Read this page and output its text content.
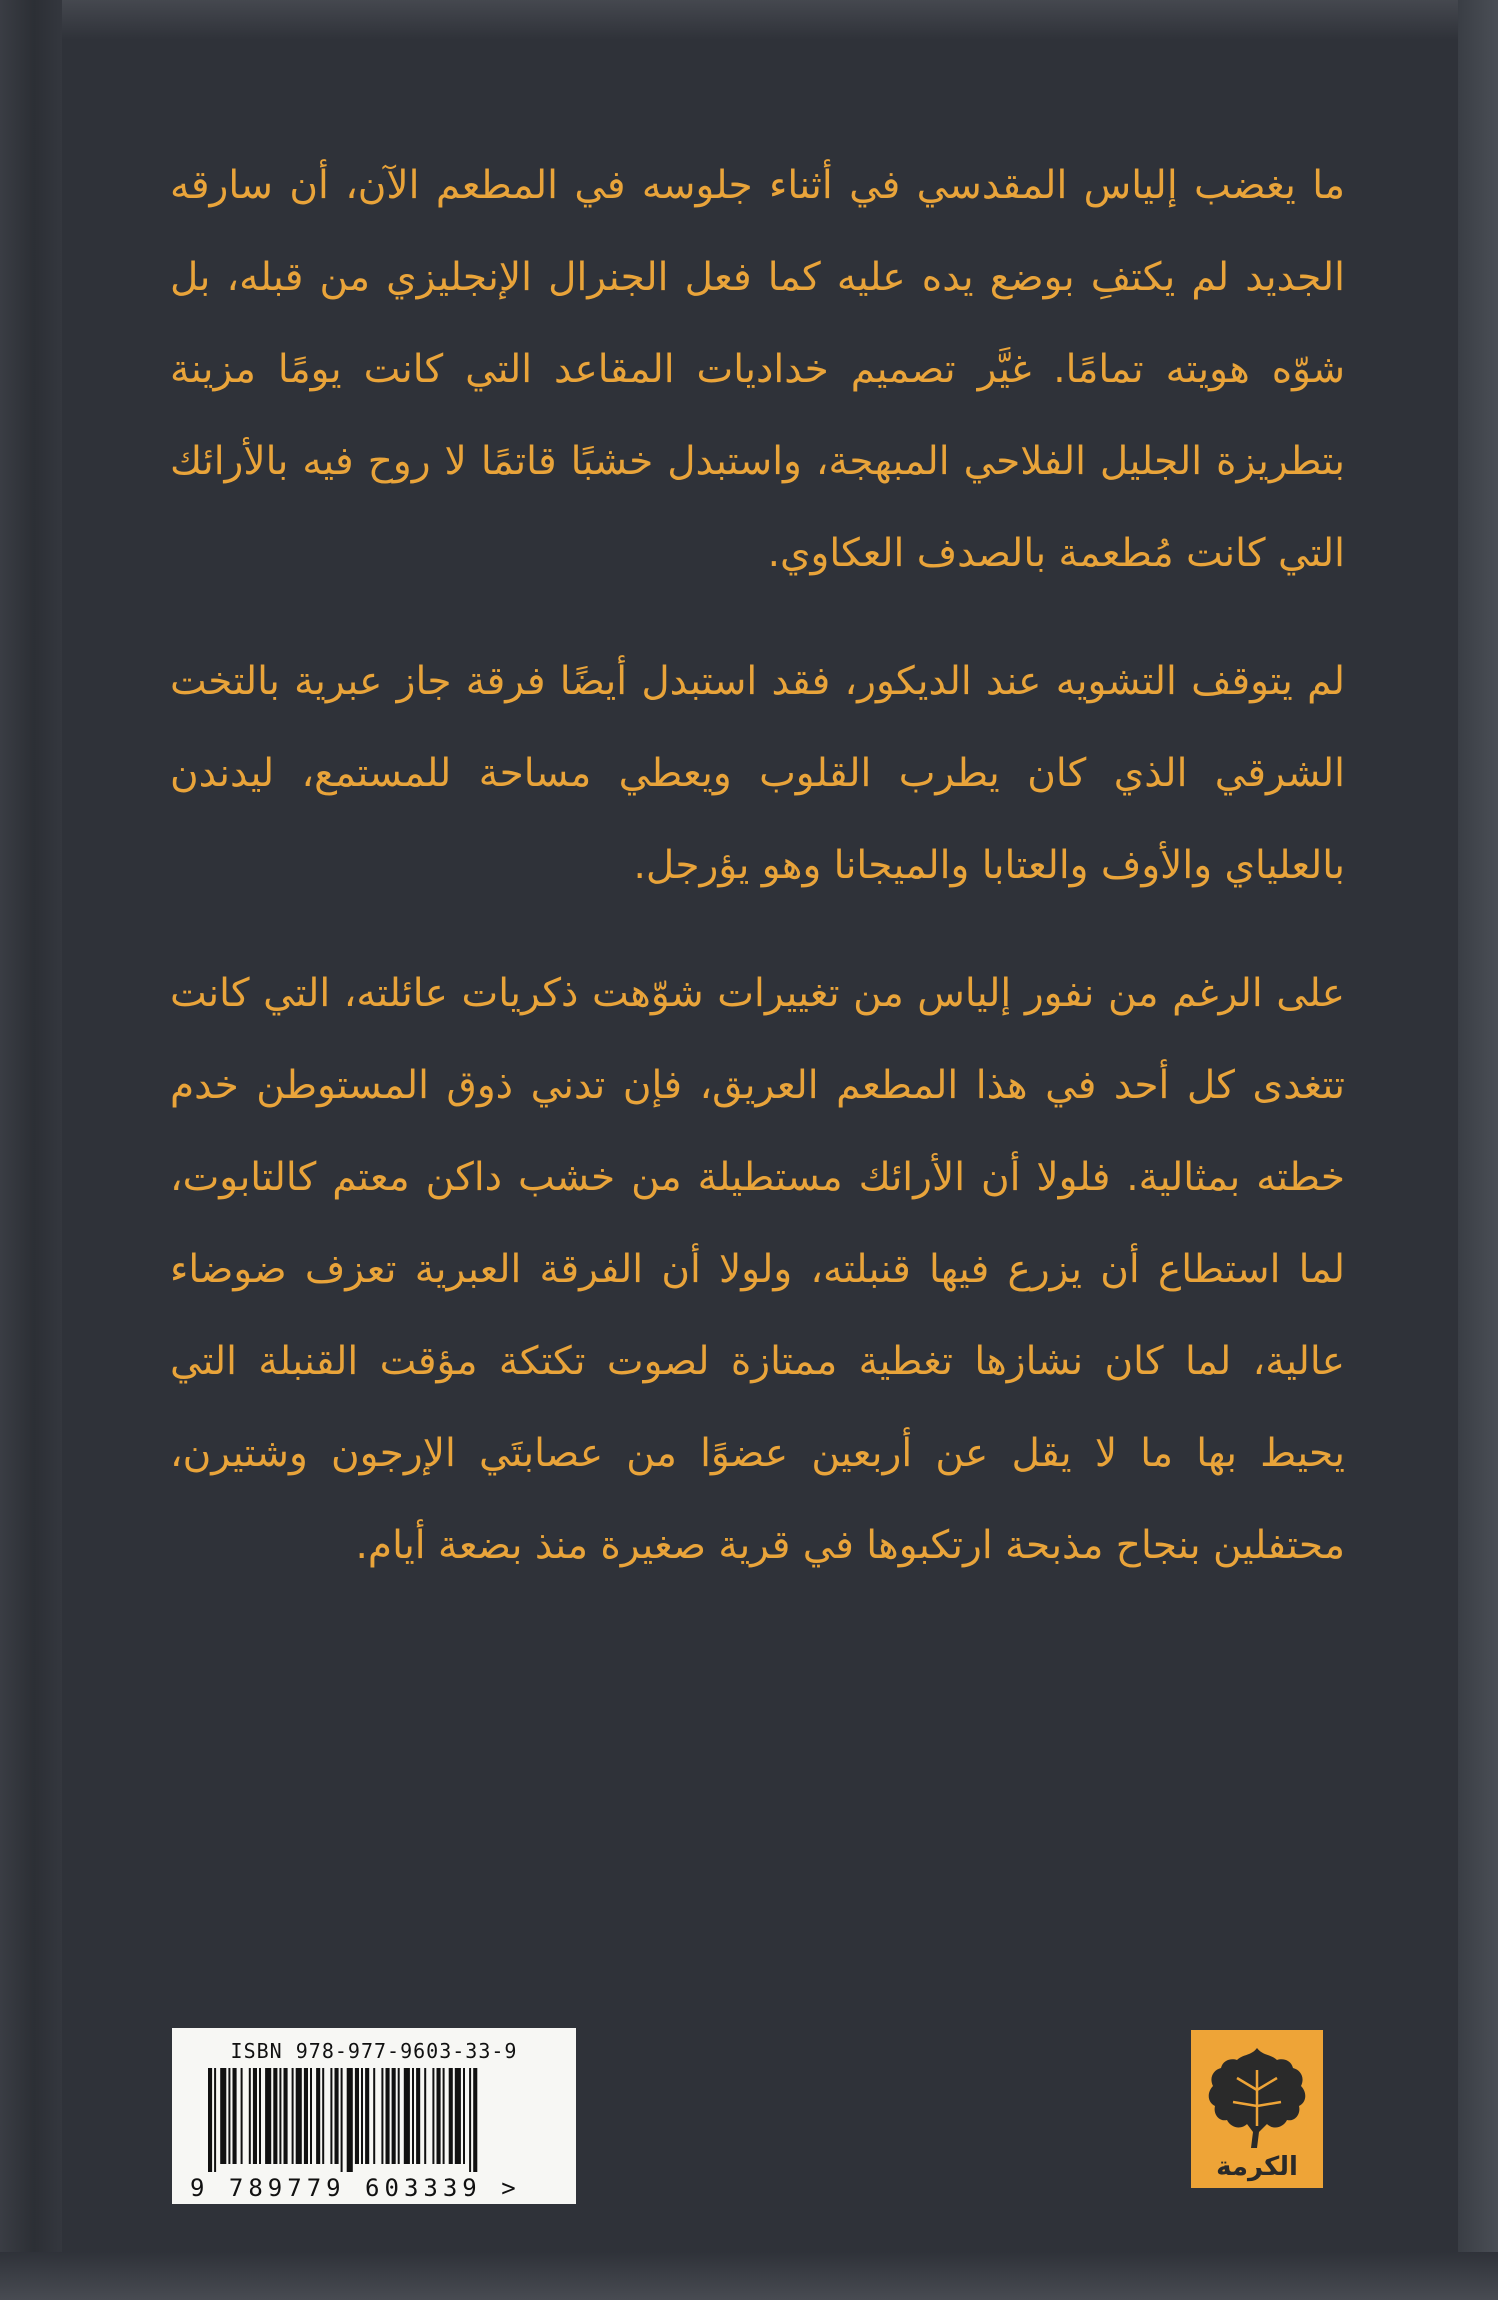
ما يغضب إلياس المقدسي في أثناء جلوسه في المطعم الآن، أن سارقه الجديد لم يكتفِ بوضع يده عليه كما فعل الجنرال الإنجليزي من قبله، بل شوّه هويته تمامًا. غيَّر تصميم خداديات المقاعد التي كانت يومًا مزينة بتطريزة الجليل الفلاحي المبهجة، واستبدل خشبًا قاتمًا لا روح فيه بالأرائك التي كانت مُطعمة بالصدف العكاوي.

لم يتوقف التشويه عند الديكور، فقد استبدل أيضًا فرقة جاز عبرية بالتخت الشرقي الذي كان يطرب القلوب ويعطي مساحة للمستمع، ليدندن بالعلياي والأوف والعتابا والميجانا وهو يؤرجل.

على الرغم من نفور إلياس من تغييرات شوّهت ذكريات عائلته، التي كانت تتغدى كل أحد في هذا المطعم العريق، فإن تدني ذوق المستوطن خدم خطته بمثالية. فلولا أن الأرائك مستطيلة من خشب داكن معتم كالتابوت، لما استطاع أن يزرع فيها قنبلته، ولولا أن الفرقة العبرية تعزف ضوضاء عالية، لما كان نشازها تغطية ممتازة لصوت تكتكة مؤقت القنبلة التي يحيط بها ما لا يقل عن أربعين عضوًا من عصابتَي الإرجون وشتيرن، محتفلين بنجاح مذبحة ارتكبوها في قرية صغيرة منذ بضعة أيام.

ISBN 978-977-9603-33-9
9 789779 603339 >
الكرمة
